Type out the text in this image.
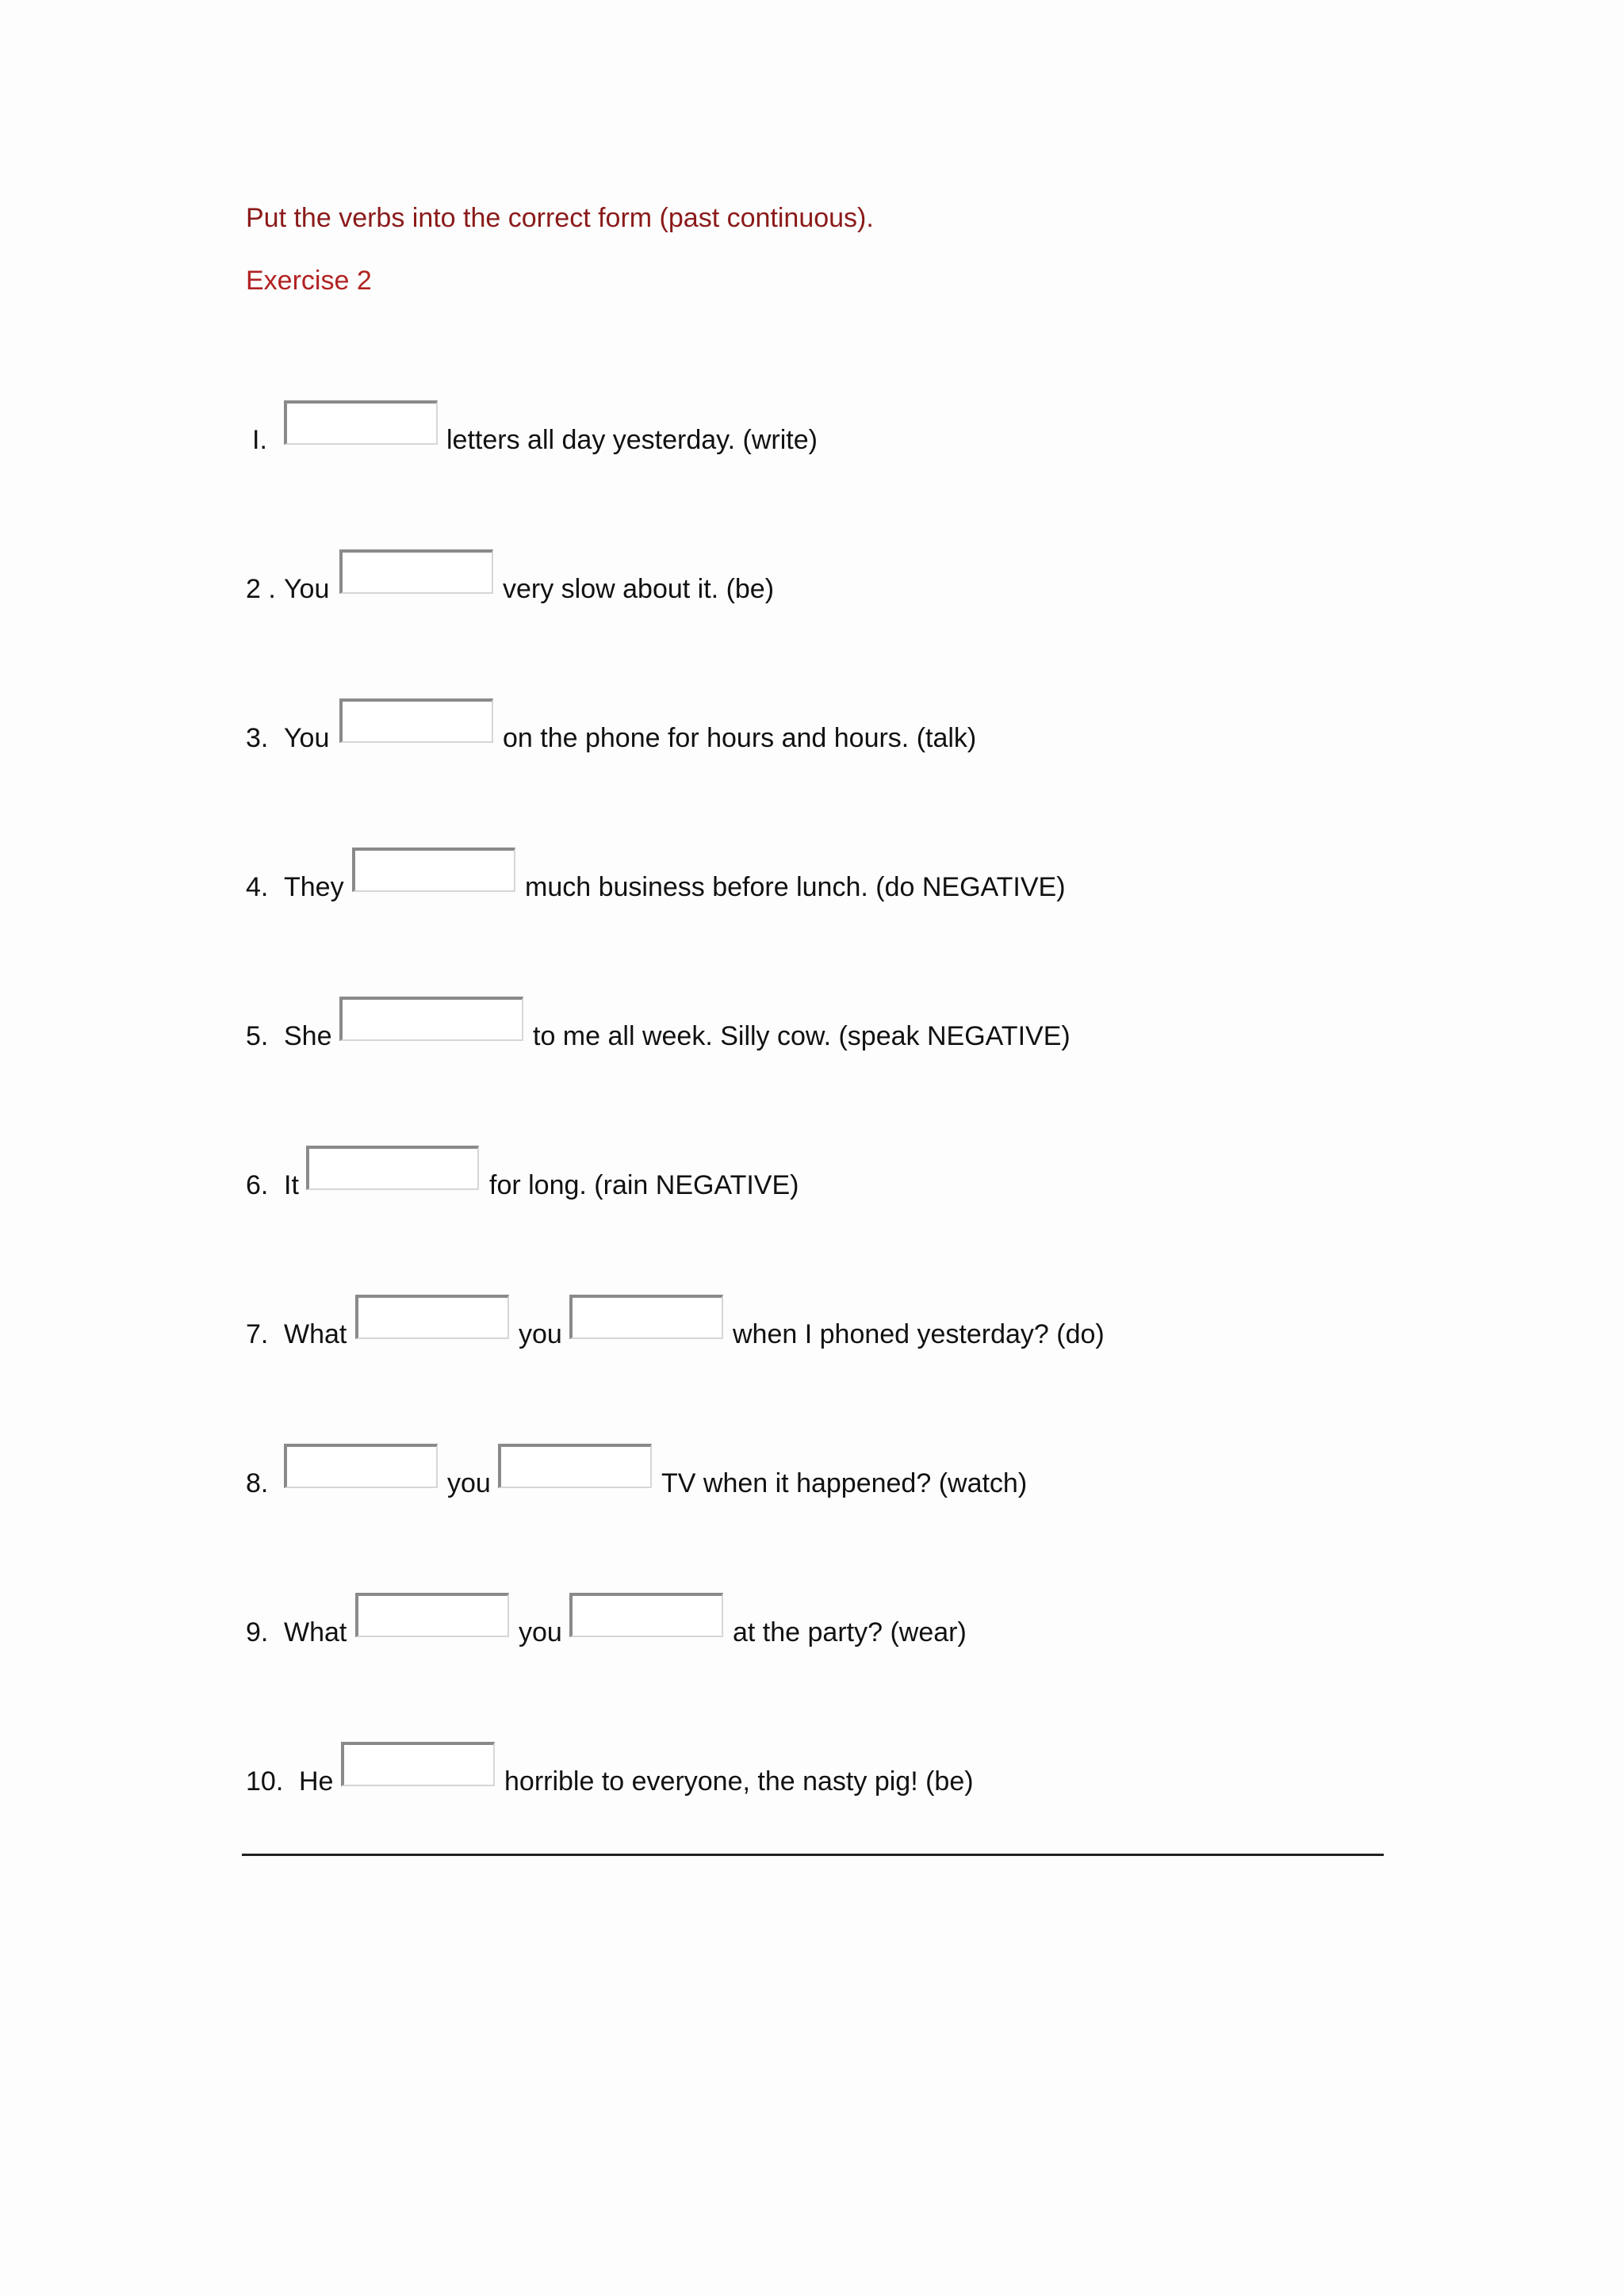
Put the verbs into the correct form (past continuous).
Exercise 2
I.	letters all day yesterday. (write)
2 . You	very slow about it. (be)
3. You	on the phone for hours and hours. (talk)
4. They	much business before lunch. (do NEGATIVE)
5. She	to me all week. Silly cow. (speak NEGATIVE)
6. It	for long. (rain NEGATIVE)
7. What	you	when I phoned yesterday? (do)
8.	you	TV when it happened? (watch)
9. What	you	at the party? (wear)
10. He	horrible to everyone, the nasty pig! (be)
